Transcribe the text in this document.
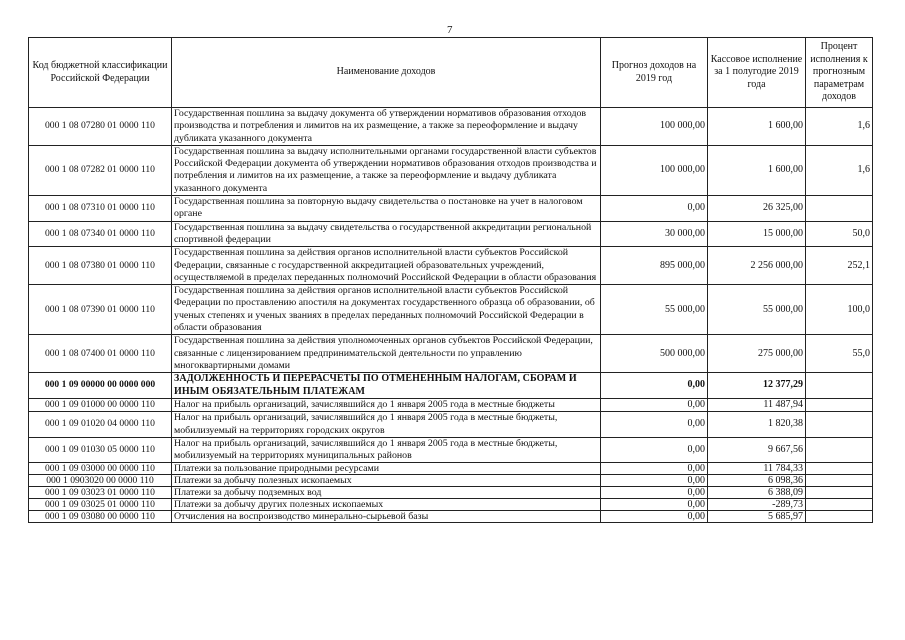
7
Код бюджетной классификации Российской Федерации	Наименование доходов	Прогноз доходов на 2019 год	Кассовое исполнение за 1 полугодие 2019 года	Процент исполнения к прогнозным параметрам доходов
000 1 08 07280 01 0000 110	Государственная пошлина за выдачу документа об утверждении нормативов образования отходов производства и потребления и лимитов на их размещение, а также за переоформление и выдачу дубликата указанного документа	100 000,00	1 600,00	1,6
000 1 08 07282 01 0000 110	Государственная пошлина за выдачу исполнительными органами государственной власти субъектов Российской Федерации документа об утверждении нормативов образования отходов производства и потребления и лимитов на их размещение, а также за переоформление и выдачу дубликата указанного документа	100 000,00	1 600,00	1,6
000 1 08 07310 01 0000 110	Государственная пошлина за повторную выдачу свидетельства о постановке на учет в налоговом органе	0,00	26 325,00	
000 1 08 07340 01 0000 110	Государственная пошлина за выдачу свидетельства о государственной аккредитации региональной спортивной федерации	30 000,00	15 000,00	50,0
000 1 08 07380 01 0000 110	Государственная пошлина за действия органов исполнительной власти субъектов Российской Федерации, связанные с государственной аккредитацией образовательных учреждений, осуществляемой в пределах переданных полномочий Российской Федерации в области образования	895 000,00	2 256 000,00	252,1
000 1 08 07390 01 0000 110	Государственная пошлина за действия органов исполнительной власти субъектов Российской Федерации по проставлению апостиля на документах государственного образца об образовании, об ученых степенях и ученых званиях в пределах переданных полномочий Российской Федерации в области образования	55 000,00	55 000,00	100,0
000 1 08 07400 01 0000 110	Государственная пошлина за действия уполномоченных органов субъектов Российской Федерации, связанные с лицензированием предпринимательской деятельности по управлению многоквартирными домами	500 000,00	275 000,00	55,0
000 1 09 00000 00 0000 000	ЗАДОЛЖЕННОСТЬ И ПЕРЕРАСЧЕТЫ ПО ОТМЕНЕННЫМ НАЛОГАМ, СБОРАМ И ИНЫМ ОБЯЗАТЕЛЬНЫМ ПЛАТЕЖАМ	0,00	12 377,29	
000 1 09 01000 00 0000 110	Налог на прибыль организаций, зачислявшийся до 1 января 2005 года в местные бюджеты	0,00	11 487,94	
000 1 09 01020 04 0000 110	Налог на прибыль организаций, зачислявшийся до 1 января 2005 года в местные бюджеты, мобилизуемый на территориях городских округов	0,00	1 820,38	
000 1 09 01030 05 0000 110	Налог на прибыль организаций, зачислявшийся до 1 января 2005 года в местные бюджеты, мобилизуемый на территориях муниципальных районов	0,00	9 667,56	
000 1 09 03000 00 0000 110	Платежи за пользование природными ресурсами	0,00	11 784,33	
000 1 0903020 00 0000 110	Платежи за добычу полезных ископаемых	0,00	6 098,36	
000 1 09 03023 01 0000 110	Платежи за добычу подземных вод	0,00	6 388,09	
000 1 09 03025 01 0000 110	Платежи за добычу других полезных ископаемых	0,00	-289,73	
000 1 09 03080 00 0000 110	Отчисления на воспроизводство минерально-сырьевой базы	0,00	5 685,97	
